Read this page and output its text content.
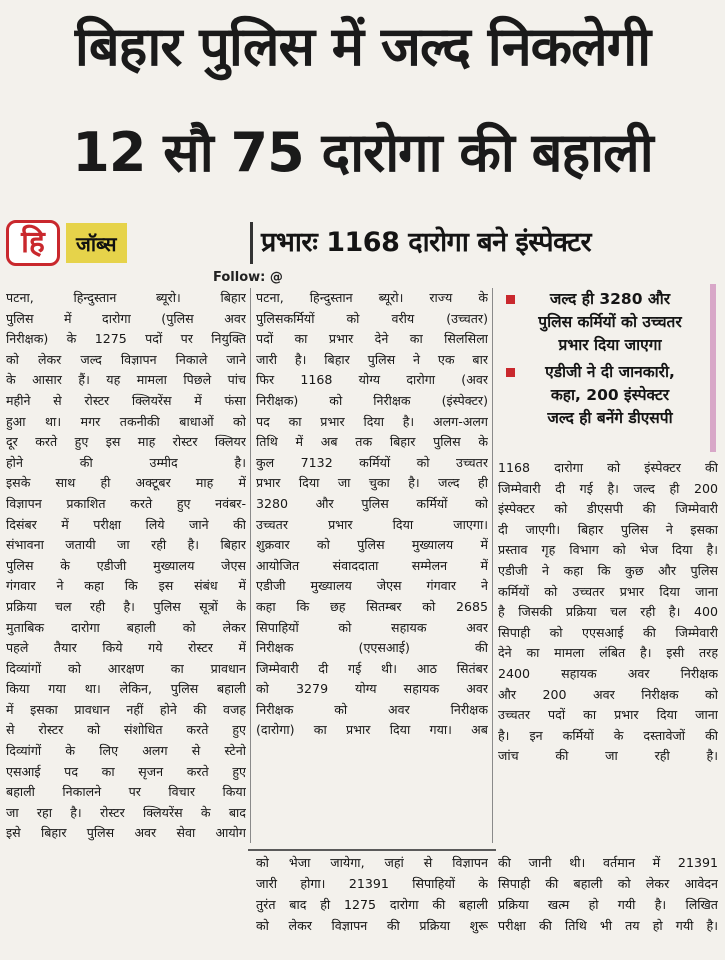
बिहार पुलिस में जल्द निकलेगी
12 सौ 75 दारोगा की बहाली
हि	जॉब्स	प्रभारः 1168 दारोगा बने इंस्पेक्टर
Follow: @
पटना, हिन्दुस्तान ब्यूरो। बिहार
पुलिस में दारोगा (पुलिस अवर
निरीक्षक) के 1275 पदों पर नियुक्ति
को लेकर जल्द विज्ञापन निकाले जाने
के आसार हैं। यह मामला पिछले पांच
महीने से रोस्टर क्लियरेंस में फंसा
हुआ था। मगर तकनीकी बाधाओं को
दूर करते हुए इस माह रोस्टर क्लियर
होने की उम्मीद है।
इसके साथ ही अक्टूबर माह में
विज्ञापन प्रकाशित करते हुए नवंबर-
दिसंबर में परीक्षा लिये जाने की
संभावना जतायी जा रही है। बिहार
पुलिस के एडीजी मुख्यालय जेएस
गंगवार ने कहा कि इस संबंध में
प्रक्रिया चल रही है। पुलिस सूत्रों के
मुताबिक दारोगा बहाली को लेकर
पहले तैयार किये गये रोस्टर में
दिव्यांगों को आरक्षण का प्रावधान
किया गया था। लेकिन, पुलिस बहाली
में इसका प्रावधान नहीं होने की वजह
से रोस्टर को संशोधित करते हुए
दिव्यांगों के लिए अलग से स्टेनो
एसआई पद का सृजन करते हुए
बहाली निकालने पर विचार किया
जा रहा है। रोस्टर क्लियरेंस के बाद
इसे बिहार पुलिस अवर सेवा आयोग
पटना, हिन्दुस्तान ब्यूरो। राज्य के
पुलिसकर्मियों को वरीय (उच्चतर)
पदों का प्रभार देने का सिलसिला
जारी है। बिहार पुलिस ने एक बार
फिर 1168 योग्य दारोगा (अवर
निरीक्षक) को निरीक्षक (इंस्पेक्टर)
पद का प्रभार दिया है। अलग-अलग
तिथि में अब तक बिहार पुलिस के
कुल 7132 कर्मियों को उच्चतर
प्रभार दिया जा चुका है। जल्द ही
3280 और पुलिस कर्मियों को
उच्चतर प्रभार दिया जाएगा।
शुक्रवार को पुलिस मुख्यालय में
आयोजित संवाददाता सम्मेलन में
एडीजी मुख्यालय जेएस गंगवार ने
कहा कि छह सितम्बर को 2685
सिपाहियों को सहायक अवर
निरीक्षक (एएसआई) की
जिम्मेवारी दी गई थी। आठ सितंबर
को 3279 योग्य सहायक अवर
निरीक्षक को अवर निरीक्षक
(दारोगा) का प्रभार दिया गया। अब
जल्द ही 3280 और
पुलिस कर्मियों को उच्चतर
प्रभार दिया जाएगा
एडीजी ने दी जानकारी,
कहा, 200 इंस्पेक्टर
जल्द ही बनेंगे डीएसपी
1168 दारोगा को इंस्पेक्टर की
जिम्मेवारी दी गई है। जल्द ही 200
इंस्पेक्टर को डीएसपी की जिम्मेवारी
दी जाएगी। बिहार पुलिस ने इसका
प्रस्ताव गृह विभाग को भेज दिया है।
एडीजी ने कहा कि कुछ और पुलिस
कर्मियों को उच्चतर प्रभार दिया जाना
है जिसकी प्रक्रिया चल रही है। 400
सिपाही को एएसआई की जिम्मेवारी
देने का मामला लंबित है। इसी तरह
2400 सहायक अवर निरीक्षक
और 200 अवर निरीक्षक को
उच्चतर पदों का प्रभार दिया जाना
है। इन कर्मियों के दस्तावेजों की
जांच की जा रही है।
को भेजा जायेगा, जहां से विज्ञापन
जारी होगा। 21391 सिपाहियों के
तुरंत बाद ही 1275 दारोगा की बहाली
को लेकर विज्ञापन की प्रक्रिया शुरू
की जानी थी। वर्तमान में 21391
सिपाही की बहाली को लेकर आवेदन
प्रक्रिया खत्म हो गयी है। लिखित
परीक्षा की तिथि भी तय हो गयी है।
